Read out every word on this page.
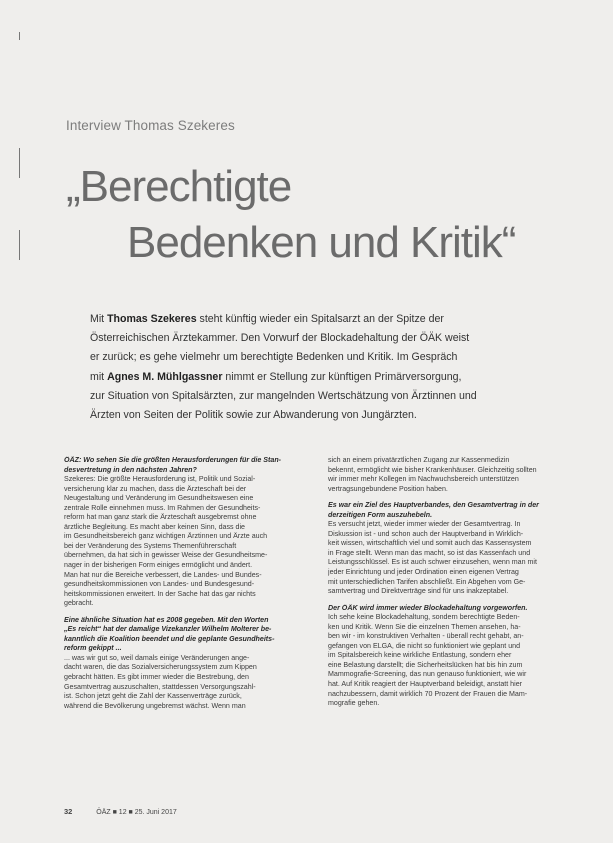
Interview Thomas Szekeres
„Berechtigte
Bedenken und Kritik“

Mit Thomas Szekeres steht künftig wieder ein Spitalsarzt an der Spitze der

Österreichischen Ärztekammer. Den Vorwurf der Blockadehaltung der ÖÄK weist

er zurück; es gehe vielmehr um berechtigte Bedenken und Kritik. Im Gespräch

mit Agnes M. Mühlgassner nimmt er Stellung zur künftigen Primärversorgung,

zur Situation von Spitalsärzten, zur mangelnden Wertschätzung von Ärztinnen und

Ärzten von Seiten der Politik sowie zur Abwanderung von Jungärzten.

ÖÄZ: Wo sehen Sie die größten Herausforderungen für die Stan-

desvertretung in den nächsten Jahren?

Szekeres: Die größte Herausforderung ist, Politik und Sozial-

versicherung klar zu machen, dass die Ärzteschaft bei der

Neugestaltung und Veränderung im Gesundheitswesen eine

zentrale Rolle einnehmen muss. Im Rahmen der Gesundheits-

reform hat man ganz stark die Ärzteschaft ausgebremst ohne

ärztliche Begleitung. Es macht aber keinen Sinn, dass die

im Gesundheitsbereich ganz wichtigen Ärztinnen und Ärzte auch

bei der Veränderung des Systems Themenführerschaft

übernehmen, da hat sich in gewisser Weise der Gesundheitsme-

nager in der bisherigen Form einiges ermöglicht und ändert.

Man hat nur die Bereiche verbessert, die Landes- und Bundes-

gesundheitskommissionen von Landes- und Bundesgesund-

heitskommissionen erweitert. In der Sache hat das gar nichts

gebracht.

Eine ähnliche Situation hat es 2008 gegeben. Mit den Worten

„Es reicht“ hat der damalige Vizekanzler Wilhelm Molterer be-

kanntlich die Koalition beendet und die geplante Gesundheits-

reform gekippt ...

... was wir gut so, weil damals einige Veränderungen ange-

dacht waren, die das Sozialversicherungssystem zum Kippen

gebracht hätten. Es gibt immer wieder die Bestrebung, den

Gesamtvertrag auszuschalten, stattdessen Versorgungszahl-

ist. Schon jetzt geht die Zahl der Kassenverträge zurück,

während die Bevölkerung ungebremst wächst. Wenn man

sich an einem privatärztlichen Zugang zur Kassenmedizin

bekennt, ermöglicht wie bisher Krankenhäuser. Gleichzeitig sollten

wir immer mehr Kollegen im Nachwuchsbereich unterstützen

vertragsungebundene Position haben.

Es war ein Ziel des Hauptverbandes, den Gesamtvertrag in der

derzeitigen Form auszuhebeln.

Es versucht jetzt, wieder immer wieder der Gesamtvertrag. In

Diskussion ist - und schon auch der Hauptverband in Wirklich-

keit wissen, wirtschaftlich viel und somit auch das Kassensystem

in Frage stellt. Wenn man das macht, so ist das Kassenfach und

Leistungsschlüssel. Es ist auch schwer einzusehen, wenn man mit

jeder Einrichtung und jeder Ordination einen eigenen Vertrag

mit unterschiedlichen Tarifen abschließt. Ein Abgehen vom Ge-

samtvertrag und Direktverträge sind für uns inakzeptabel.

Der ÖÄK wird immer wieder Blockadehaltung vorgeworfen.

Ich sehe keine Blockadehaltung, sondern berechtigte Beden-

ken und Kritik. Wenn Sie die einzelnen Themen ansehen, ha-

ben wir - im konstruktiven Verhalten - überall recht gehabt, an-

gefangen von ELGA, die nicht so funktioniert wie geplant und

im Spitalsbereich keine wirkliche Entlastung, sondern eher

eine Belastung darstellt; die Sicherheitslücken hat bis hin zum

Mammografie-Screening, das nun genauso funktioniert, wie wir

hat. Auf Kritik reagiert der Hauptverband beleidigt, anstatt hier

nachzubessern, damit wirklich 70 Prozent der Frauen die Mam-

mografie gehen.

32	ÖÄZ ■ 12 ■ 25. Juni 2017
